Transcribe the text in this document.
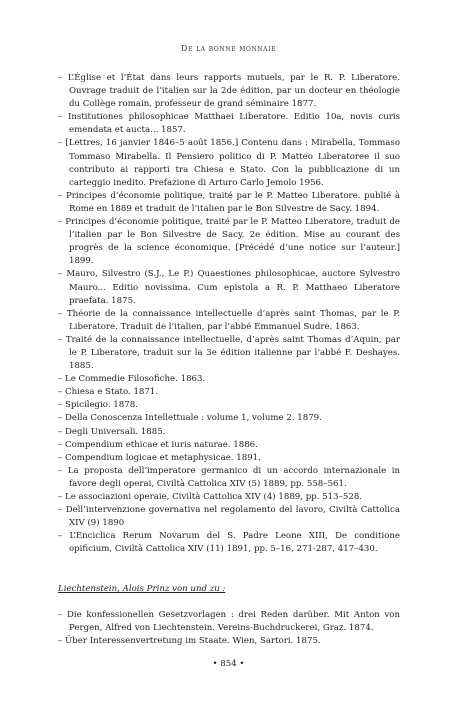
De la bonne monnaie
– L’Église et l’État dans leurs rapports mutuels, par le R. P. Liberatore. Ouvrage traduit de l’italien sur la 2de édition, par un docteur en théologie du Collège romain, professeur de grand séminaire 1877.
– Institutiones philosophicae Matthaei Liberatore. Editio 10a, novis curis emendata et aucta... 1857.
– [Lettres, 16 janvier 1846–5 août 1856.] Contenu dans : Mirabella, Tommaso Tommaso Mirabella. Il Pensiero politico di P. Matteo Liberatoree il suo contributo ai rapporti tra Chiesa e Stato. Con la pubblicazione di un carteggio inedito. Prefazione di Arturo Carlo Jemolo 1956.
– Principes d’économie politique, traité par le P. Matteo Liberatore. publié à Rome en 1889 et traduit de l’italien par le Bon Silvestre de Sacy. 1894.
– Principes d’économie politique, traité par le P. Matteo Liberatore, traduit de l’italien par le Bon Silvestre de Sacy. 2e édition. Mise au courant des progrès de la science économique. [Précédé d’une notice sur l’auteur.] 1899.
– Mauro, Silvestro (S.J., Le P.) Quaestiones philosophicae, auctore Sylvestro Mauro... Editio novissima. Cum epistola a R. P. Matthaeo Liberatore praefata. 1875.
– Théorie de la connaissance intellectuelle d’après saint Thomas, par le P. Liberatore. Traduit de l’italien, par l’abbé Emmanuel Sudre. 1863.
– Traité de la connaissance intellectuelle, d’après saint Thomas d’Aquin, par le P. Liberatore, traduit sur la 3e édition italienne par l’abbé F. Deshayes. 1885.
– Le Commedie Filosofiche. 1863.
– Chiesa e Stato. 1871.
– Spicilegio. 1878.
– Della Conoscenza Intellettuale : volume 1, volume 2. 1879.
– Degli Universali. 1885.
– Compendium ethicae et iuris naturae. 1886.
– Compendium logicae et metaphysicae. 1891.
– La proposta dell’imperatore germanico di un accordo internazionale in favore degli operai, Civiltà Cattolica XIV (5) 1889, pp. 558–561.
– Le associazioni operaie, Civiltà Cattolica XIV (4) 1889, pp. 513–528.
– Dell’intervenzione governativa nel regolamento del lavoro, Civiltà Cattolica XIV (9) 1890
– L’Enciclica Rerum Novarum del S. Padre Leone XIII, De conditione opificium, Civiltà Cattolica XIV (11) 1891, pp. 5–16, 271-287, 417–430.
Liechtenstein, Alois Prinz von und zu :
– Die konfessionellen Gesetzvorlagen : drei Reden darüber. Mit Anton von Pergen, Alfred von Liechtenstein. Vereins-Buchdruckerei, Graz. 1874.
– Über Interessenvertretung im Staate. Wien, Sartori. 1875.
• 854 •
